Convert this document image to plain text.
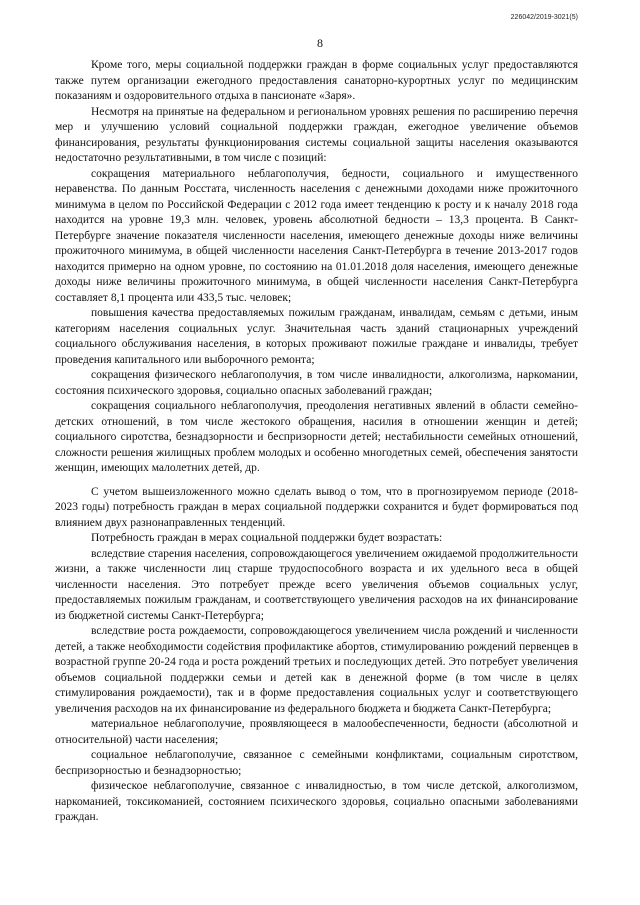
226042/2019-3021(5)
8

Кроме того, меры социальной поддержки граждан в форме социальных услуг предоставляются также путем организации ежегодного предоставления санаторно-курортных услуг по медицинским показаниям и оздоровительного отдыха в пансионате «Заря».

Несмотря на принятые на федеральном и региональном уровнях решения по расширению перечня мер и улучшению условий социальной поддержки граждан, ежегодное увеличение объемов финансирования, результаты функционирования системы социальной защиты населения оказываются недостаточно результативными, в том числе с позиций:

сокращения материального неблагополучия, бедности, социального и имущественного неравенства. По данным Росстата, численность населения с денежными доходами ниже прожиточного минимума в целом по Российской Федерации с 2012 года имеет тенденцию к росту и к началу 2018 года находится на уровне 19,3 млн. человек, уровень абсолютной бедности – 13,3 процента. В Санкт-Петербурге значение показателя численности населения, имеющего денежные доходы ниже величины прожиточного минимума, в общей численности населения Санкт-Петербурга в течение 2013-2017 годов находится примерно на одном уровне, по состоянию на 01.01.2018 доля населения, имеющего денежные доходы ниже величины прожиточного минимума, в общей численности населения Санкт-Петербурга составляет 8,1 процента или 433,5 тыс. человек;

повышения качества предоставляемых пожилым гражданам, инвалидам, семьям с детьми, иным категориям населения социальных услуг. Значительная часть зданий стационарных учреждений социального обслуживания населения, в которых проживают пожилые граждане и инвалиды, требует проведения капитального или выборочного ремонта;

сокращения физического неблагополучия, в том числе инвалидности, алкоголизма, наркомании, состояния психического здоровья, социально опасных заболеваний граждан;

сокращения социального неблагополучия, преодоления негативных явлений в области семейно-детских отношений, в том числе жестокого обращения, насилия в отношении женщин и детей; социального сиротства, безнадзорности и беспризорности детей; нестабильности семейных отношений, сложности решения жилищных проблем молодых и особенно многодетных семей, обеспечения занятости женщин, имеющих малолетних детей, др.

С учетом вышеизложенного можно сделать вывод о том, что в прогнозируемом периоде (2018-2023 годы) потребность граждан в мерах социальной поддержки сохранится и будет формироваться под влиянием двух разнонаправленных тенденций.

Потребность граждан в мерах социальной поддержки будет возрастать:

вследствие старения населения, сопровождающегося увеличением ожидаемой продолжительности жизни, а также численности лиц старше трудоспособного возраста и их удельного веса в общей численности населения. Это потребует прежде всего увеличения объемов социальных услуг, предоставляемых пожилым гражданам, и соответствующего увеличения расходов на их финансирование из бюджетной системы Санкт-Петербурга;

вследствие роста рождаемости, сопровождающегося увеличением числа рождений и численности детей, а также необходимости содействия профилактике абортов, стимулированию рождений первенцев в возрастной группе 20-24 года и роста рождений третьих и последующих детей. Это потребует увеличения объемов социальной поддержки семьи и детей как в денежной форме (в том числе в целях стимулирования рождаемости), так и в форме предоставления социальных услуг и соответствующего увеличения расходов на их финансирование из федерального бюджета и бюджета Санкт-Петербурга;

материальное неблагополучие, проявляющееся в малообеспеченности, бедности (абсолютной и относительной) части населения;

социальное неблагополучие, связанное с семейными конфликтами, социальным сиротством, беспризорностью и безнадзорностью;

физическое неблагополучие, связанное с инвалидностью, в том числе детской, алкоголизмом, наркоманией, токсикоманией, состоянием психического здоровья, социально опасными заболеваниями граждан.
